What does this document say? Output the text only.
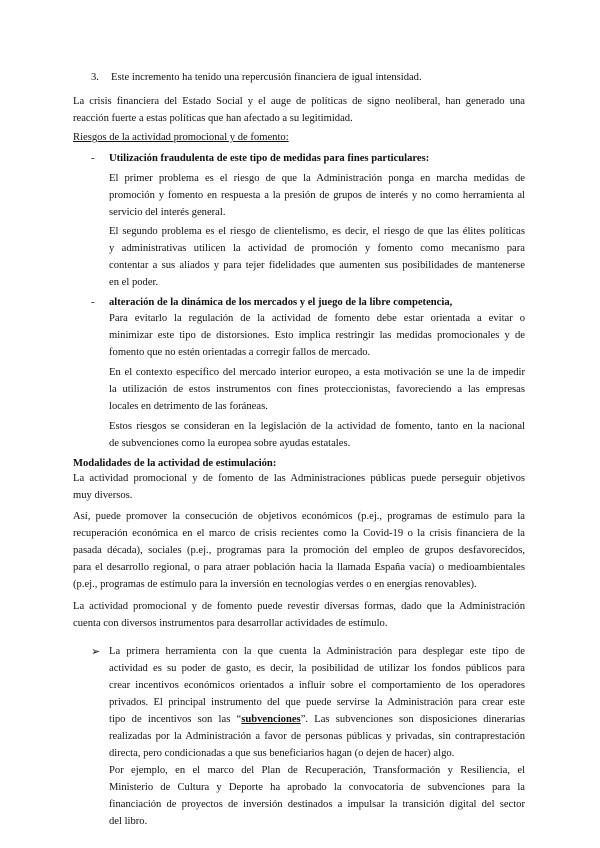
3. Este incremento ha tenido una repercusión financiera de igual intensidad.
La crisis financiera del Estado Social y el auge de políticas de signo neoliberal, han generado una
reacción fuerte a estas políticas que han afectado a su legitimidad.
Riesgos de la actividad promocional y de fomento:
- Utilización fraudulenta de este tipo de medidas para fines particulares:
El primer problema es el riesgo de que la Administración ponga en marcha medidas de
promoción y fomento en respuesta a la presión de grupos de interés y no como herramienta al
servicio del interés general.
El segundo problema es el riesgo de clientelismo, es decir, el riesgo de que las élites políticas
y administrativas utilicen la actividad de promoción y fomento como mecanismo para
contentar a sus aliados y para tejer fidelidades que aumenten sus posibilidades de mantenerse
en el poder.
- alteración de la dinámica de los mercados y el juego de la libre competencia,
Para evitarlo la regulación de la actividad de fomento debe estar orientada a evitar o
minimizar este tipo de distorsiones. Esto implica restringir las medidas promocionales y de
fomento que no estén orientadas a corregir fallos de mercado.
En el contexto específico del mercado interior europeo, a esta motivación se une la de impedir
la utilización de estos instrumentos con fines proteccionistas, favoreciendo a las empresas
locales en detrimento de las foráneas.
Estos riesgos se consideran en la legislación de la actividad de fomento, tanto en la nacional
de subvenciones como la europea sobre ayudas estatales.
Modalidades de la actividad de estimulación:
La actividad promocional y de fomento de las Administraciones públicas puede perseguir objetivos
muy diversos.
Así, puede promover la consecución de objetivos económicos (p.ej., programas de estímulo para la
recuperación económica en el marco de crisis recientes como la Covid-19 o la crisis financiera de la
pasada década), sociales (p.ej., programas para la promoción del empleo de grupos desfavorecidos,
para el desarrollo regional, o para atraer población hacia la llamada España vacía) o medioambientales
(p.ej., programas de estímulo para la inversión en tecnologías verdes o en energías renovables).
La actividad promocional y de fomento puede revestir diversas formas, dado que la Administración
cuenta con diversos instrumentos para desarrollar actividades de estímulo.
➢ La primera herramienta con la que cuenta la Administración para desplegar este tipo de
actividad es su poder de gasto, es decir, la posibilidad de utilizar los fondos públicos para
crear incentivos económicos orientados a influir sobre el comportamiento de los operadores
privados. El principal instrumento del que puede servirse la Administración para crear este
tipo de incentivos son las “subvenciones”. Las subvenciones son disposiciones dinerarias
realizadas por la Administración a favor de personas públicas y privadas, sin contraprestación
directa, pero condicionadas a que sus beneficiarios hagan (o dejen de hacer) algo.
Por ejemplo, en el marco del Plan de Recuperación, Transformación y Resiliencia, el
Ministerio de Cultura y Deporte ha aprobado la convocatoria de subvenciones para la
financiación de proyectos de inversión destinados a impulsar la transición digital del sector
del libro.
